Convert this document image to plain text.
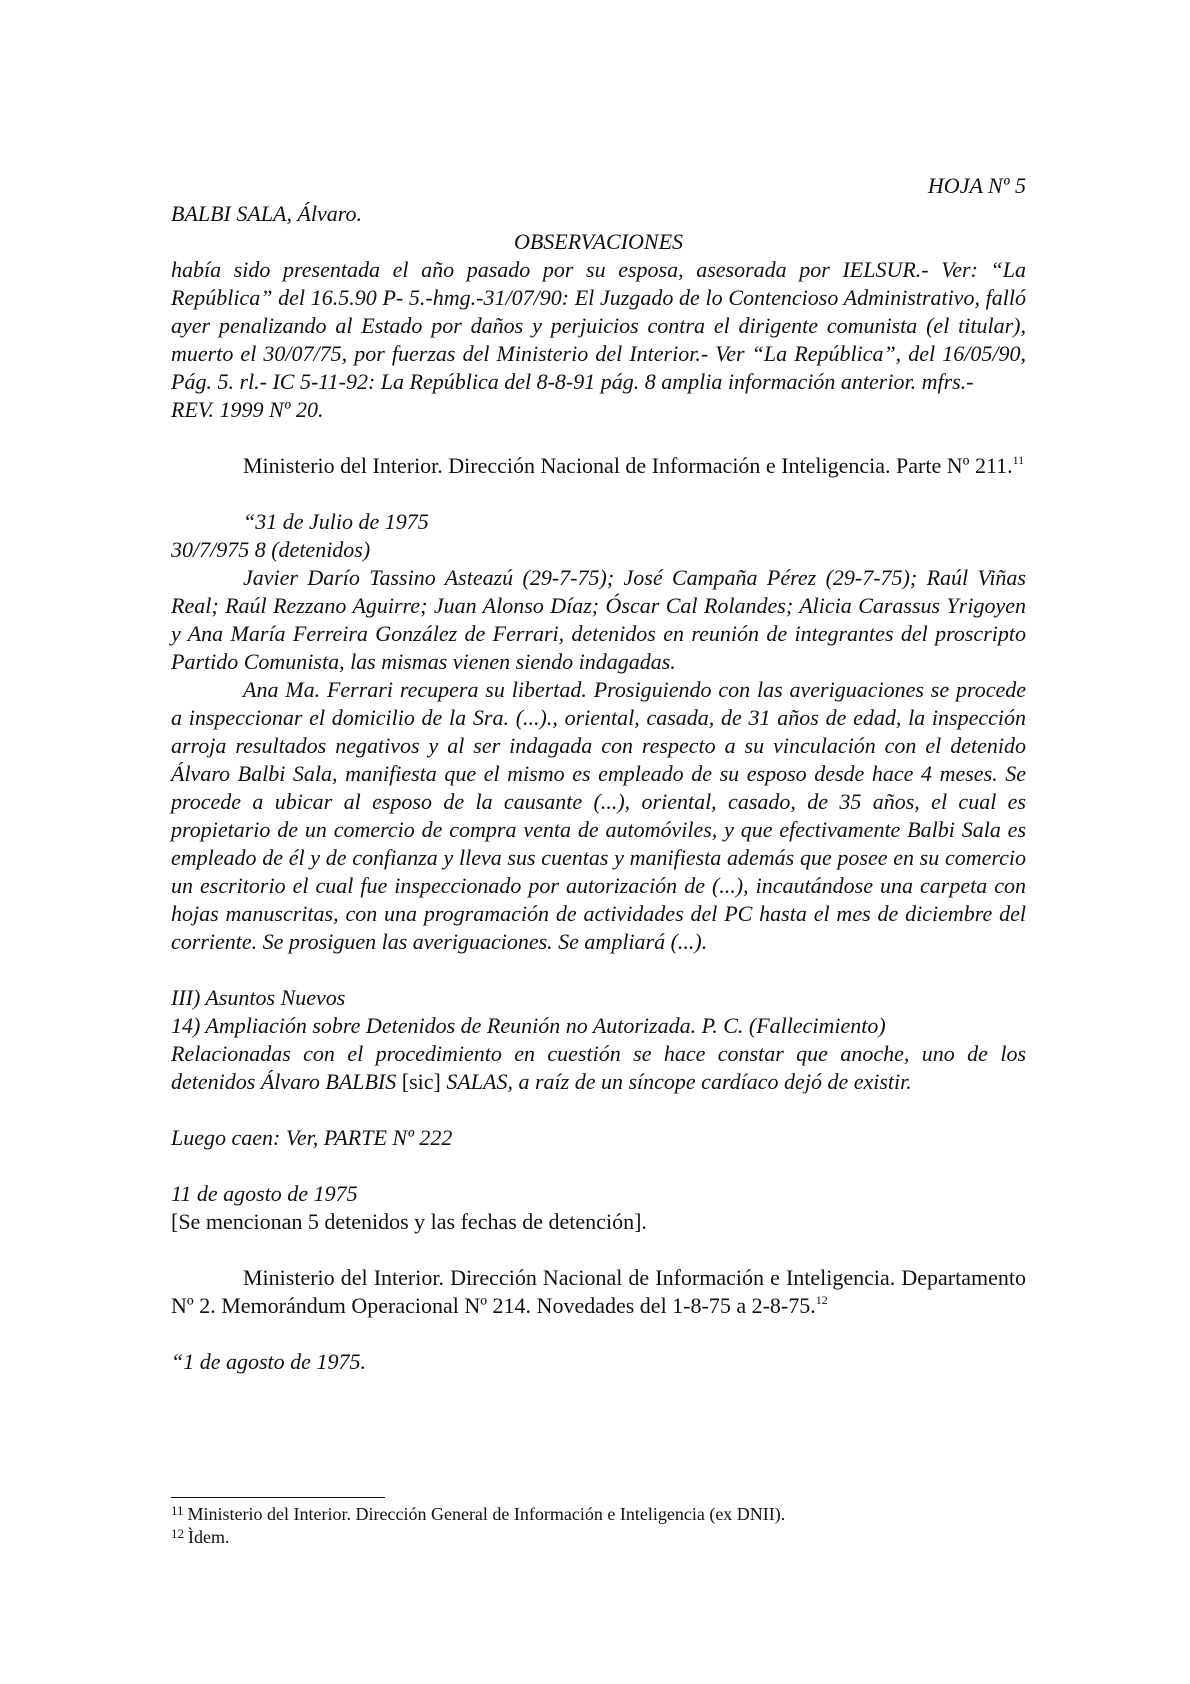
HOJA Nº 5

BALBI SALA, Álvaro.

OBSERVACIONES

había sido presentada el año pasado por su esposa, asesorada por IELSUR.- Ver: “La República” del 16.5.90 P- 5.-hmg.-31/07/90: El Juzgado de lo Contencioso Administrativo, falló ayer penalizando al Estado por daños y perjuicios contra el dirigente comunista (el titular), muerto el 30/07/75, por fuerzas del Ministerio del Interior.- Ver “La República”, del 16/05/90, Pág. 5. rl.- IC 5-11-92: La República del 8-8-91 pág. 8 amplia información anterior. mfrs.-

REV. 1999 Nº 20.

Ministerio del Interior. Dirección Nacional de Información e Inteligencia. Parte Nº 211.11

“31 de Julio de 1975

30/7/975 8 (detenidos)

Javier Darío Tassino Asteazú (29-7-75); José Campaña Pérez (29-7-75); Raúl Viñas Real; Raúl Rezzano Aguirre; Juan Alonso Díaz; Óscar Cal Rolandes; Alicia Carassus Yrigoyen y Ana María Ferreira González de Ferrari, detenidos en reunión de integrantes del proscripto Partido Comunista, las mismas vienen siendo indagadas.

Ana Ma. Ferrari recupera su libertad. Prosiguiendo con las averiguaciones se procede a inspeccionar el domicilio de la Sra. (...)., oriental, casada, de 31 años de edad, la inspección arroja resultados negativos y al ser indagada con respecto a su vinculación con el detenido Álvaro Balbi Sala, manifiesta que el mismo es empleado de su esposo desde hace 4 meses. Se procede a ubicar al esposo de la causante (...), oriental, casado, de 35 años, el cual es propietario de un comercio de compra venta de automóviles, y que efectivamente Balbi Sala es empleado de él y de confianza y lleva sus cuentas y manifiesta además que posee en su comercio un escritorio el cual fue inspeccionado por autorización de (...), incautándose una carpeta con hojas manuscritas, con una programación de actividades del PC hasta el mes de diciembre del corriente. Se prosiguen las averiguaciones. Se ampliará (...).

III) Asuntos Nuevos

14) Ampliación sobre Detenidos de Reunión no Autorizada. P. C. (Fallecimiento)

Relacionadas con el procedimiento en cuestión se hace constar que anoche, uno de los detenidos Álvaro BALBIS [sic] SALAS, a raíz de un síncope cardíaco dejó de existir.

Luego caen: Ver, PARTE Nº 222

11 de agosto de 1975

[Se mencionan 5 detenidos y las fechas de detención].

Ministerio del Interior. Dirección Nacional de Información e Inteligencia. Departamento Nº 2. Memorándum Operacional Nº 214. Novedades del 1-8-75 a 2-8-75.12

“1 de agosto de 1975.

$^{11}$ Ministerio del Interior. Dirección General de Información e Inteligencia (ex DNII).

$^{12}$ Ìdem.
